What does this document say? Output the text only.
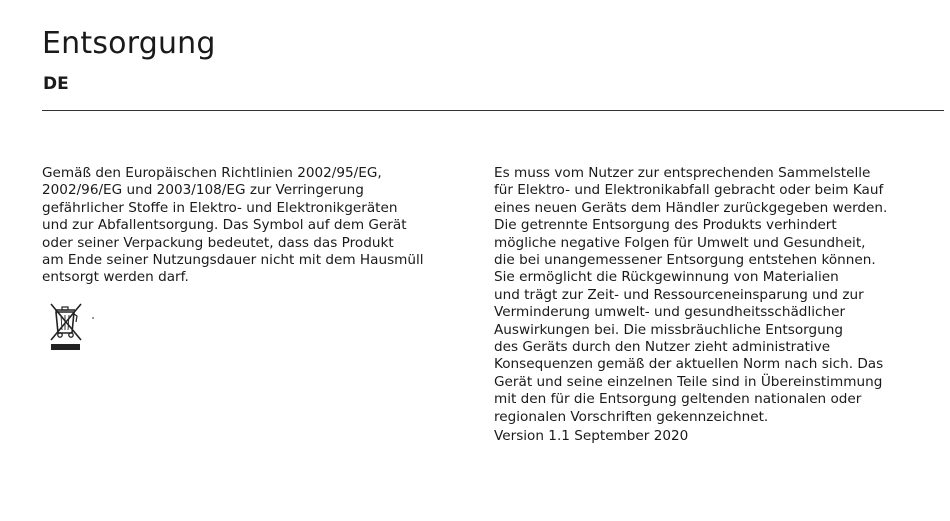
Entsorgung
DE

Gemäß den Europäischen Richtlinien 2002/95/EG,
2002/96/EG und 2003/108/EG zur Verringerung
gefährlicher Stoffe in Elektro- und Elektronikgeräten
und zur Abfallentsorgung. Das Symbol auf dem Gerät
oder seiner Verpackung bedeutet, dass das Produkt
am Ende seiner Nutzungsdauer nicht mit dem Hausmüll
entsorgt werden darf.

Es muss vom Nutzer zur entsprechenden Sammelstelle
für Elektro- und Elektronikabfall gebracht oder beim Kauf
eines neuen Geräts dem Händler zurückgegeben werden.
Die getrennte Entsorgung des Produkts verhindert
mögliche negative Folgen für Umwelt und Gesundheit,
die bei unangemessener Entsorgung entstehen können.
Sie ermöglicht die Rückgewinnung von Materialien
und trägt zur Zeit- und Ressourceneinsparung und zur
Verminderung umwelt- und gesundheitsschädlicher
Auswirkungen bei. Die missbräuchliche Entsorgung
des Geräts durch den Nutzer zieht administrative
Konsequenzen gemäß der aktuellen Norm nach sich. Das
Gerät und seine einzelnen Teile sind in Übereinstimmung
mit den für die Entsorgung geltenden nationalen oder
regionalen Vorschriften gekennzeichnet.

Version 1.1 September 2020
